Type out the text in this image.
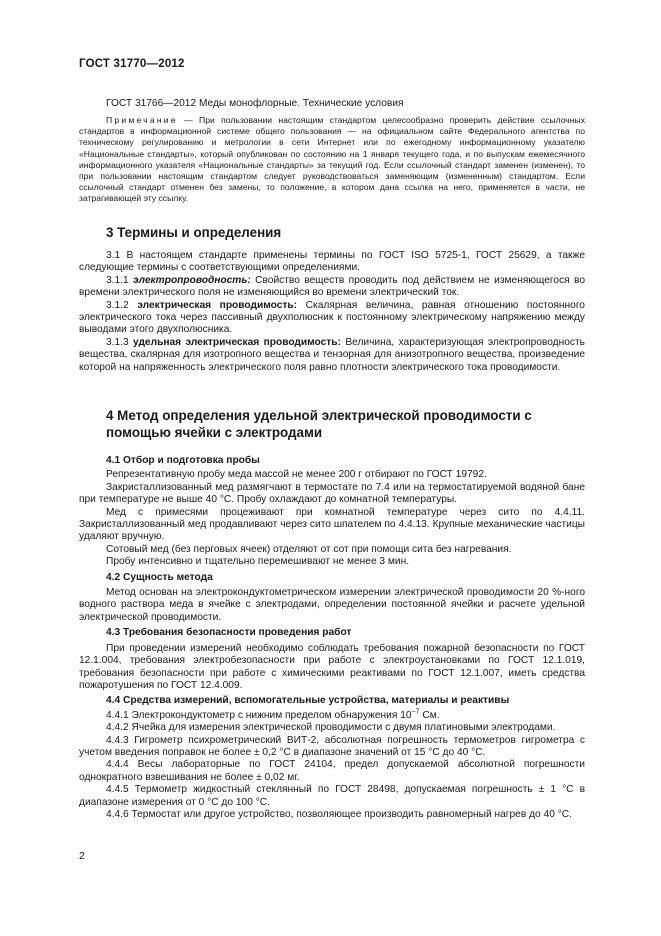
ГОСТ 31770—2012

ГОСТ 31766—2012 Меды монофлорные. Технические условия

Примечание — При пользовании настоящим стандартом целесообразно проверить действие ссылочных стандартов в информационной системе общего пользования — на официальном сайте Федерального агентства по техническому регулированию и метрологии в сети Интернет или по ежегодному информационному указателю «Национальные стандарты», который опубликован по состоянию на 1 января текущего года, и по выпускам ежемесячного информационного указателя «Национальные стандарты» за текущий год. Если ссылочный стандарт заменен (изменен), то при пользовании настоящим стандартом следует руководствоваться заменяющим (измененным) стандартом. Если ссылочный стандарт отменен без замены, то положение, в котором дана ссылка на него, применяется в части, не затрагивающей эту ссылку.

3 Термины и определения

3.1 В настоящем стандарте применены термины по ГОСТ ISO 5725-1, ГОСТ 25629, а также следующие термины с соответствующими определениями.

3.1.1 электропроводность: Свойство веществ проводить под действием не изменяющегося во времени электрического поля не изменяющийся во времени электрический ток.

3.1.2 электрическая проводимость: Скалярная величина, равная отношению постоянного электрического тока через пассивный двухполюсник к постоянному электрическому напряжению между выводами этого двухполюсника.

3.1.3 удельная электрическая проводимость: Величина, характеризующая электропроводность вещества, скалярная для изотропного вещества и тензорная для анизотропного вещества, произведение которой на напряженность электрического поля равно плотности электрического тока проводимости.

4 Метод определения удельной электрической проводимости с помощью ячейки с электродами

4.1 Отбор и подготовка пробы

Репрезентативную пробу меда массой не менее 200 г отбирают по ГОСТ 19792.

Закристаллизованный мед размягчают в термостате по 7.4 или на термостатируемой водяной бане при температуре не выше 40 °С. Пробу охлаждают до комнатной температуры.

Мед с примесями процеживают при комнатной температуре через сито по 4.4.11. Закристаллизованный мед продавливают через сито шпателем по 4.4.13. Крупные механические частицы удаляют вручную.

Сотовый мед (без перговых ячеек) отделяют от сот при помощи сита без нагревания.

Пробу интенсивно и тщательно перемешивают не менее 3 мин.

4.2 Сущность метода

Метод основан на электрокондуктометрическом измерении электрической проводимости 20 %-ного водного раствора меда в ячейке с электродами, определении постоянной ячейки и расчете удельной электрической проводимости.

4.3 Требования безопасности проведения работ

При проведении измерений необходимо соблюдать требования пожарной безопасности по ГОСТ 12.1.004, требования электробезопасности при работе с электроустановками по ГОСТ 12.1.019, требования безопасности при работе с химическими реактивами по ГОСТ 12.1.007, иметь средства пожаротушения по ГОСТ 12.4.009.

4.4 Средства измерений, вспомогательные устройства, материалы и реактивы

4.4.1 Электрокондуктометр с нижним пределом обнаружения $10^{-7}$ См.

4.4.2 Ячейка для измерения электрической проводимости с двумя платиновыми электродами.

4.4.3 Гигрометр психрометрический ВИТ-2, абсолютная погрешность термометров гигрометра с учетом введения поправок не более ± 0,2 °С в диапазоне значений от 15 °С до 40 °С.

4.4.4 Весы лабораторные по ГОСТ 24104, предел допускаемой абсолютной погрешности однократного взвешивания не более ± 0,02 мг.

4.4.5 Термометр жидкостный стеклянный по ГОСТ 28498, допускаемая погрешность ± 1 °С в диапазоне измерения от 0 °С до 100 °С.

4.4.6 Термостат или другое устройство, позволяющее производить равномерный нагрев до 40 °С.

2
